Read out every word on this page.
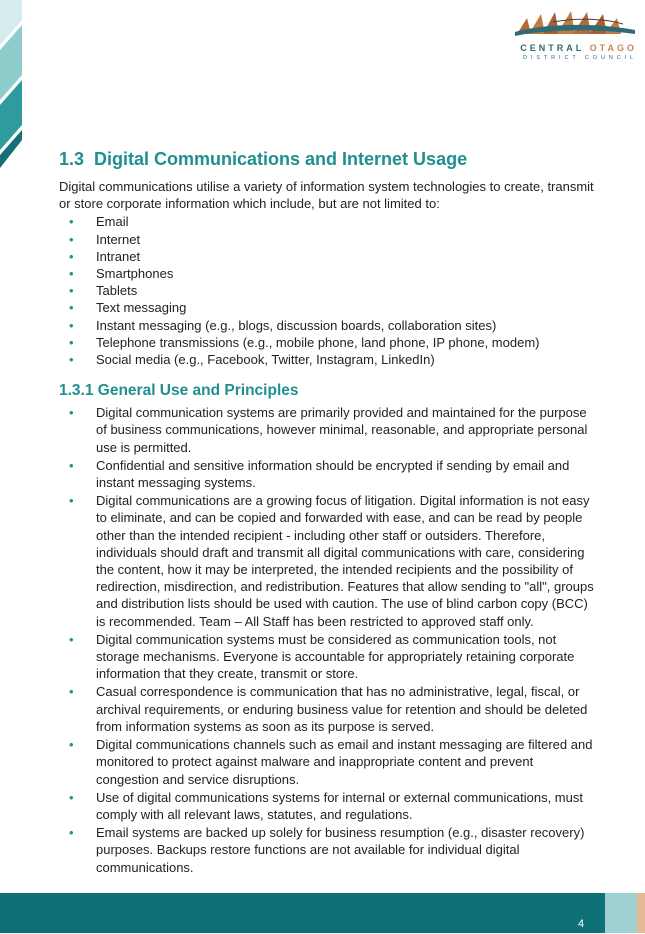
CENTRAL OTAGO
DISTRICT COUNCIL
1.3 Digital Communications and Internet Usage

Digital communications utilise a variety of information system technologies to create, transmit or store corporate information which include, but are not limited to:

• Email
• Internet
• Intranet
• Smartphones
• Tablets
• Text messaging
• Instant messaging (e.g., blogs, discussion boards, collaboration sites)
• Telephone transmissions (e.g., mobile phone, land phone, IP phone, modem)
• Social media (e.g., Facebook, Twitter, Instagram, LinkedIn)
1.3.1 General Use and Principles
• Digital communication systems are primarily provided and maintained for the purpose of business communications, however minimal, reasonable, and appropriate personal use is permitted.
• Confidential and sensitive information should be encrypted if sending by email and instant messaging systems.
• Digital communications are a growing focus of litigation. Digital information is not easy to eliminate, and can be copied and forwarded with ease, and can be read by people other than the intended recipient - including other staff or outsiders. Therefore, individuals should draft and transmit all digital communications with care, considering the content, how it may be interpreted, the intended recipients and the possibility of redirection, misdirection, and redistribution. Features that allow sending to "all", groups and distribution lists should be used with caution. The use of blind carbon copy (BCC) is recommended. Team – All Staff has been restricted to approved staff only.
• Digital communication systems must be considered as communication tools, not storage mechanisms. Everyone is accountable for appropriately retaining corporate information that they create, transmit or store.
• Casual correspondence is communication that has no administrative, legal, fiscal, or archival requirements, or enduring business value for retention and should be deleted from information systems as soon as its purpose is served.
• Digital communications channels such as email and instant messaging are filtered and monitored to protect against malware and inappropriate content and prevent congestion and service disruptions.
• Use of digital communications systems for internal or external communications, must comply with all relevant laws, statutes, and regulations.
• Email systems are backed up solely for business resumption (e.g., disaster recovery) purposes. Backups restore functions are not available for individual digital communications.
4
